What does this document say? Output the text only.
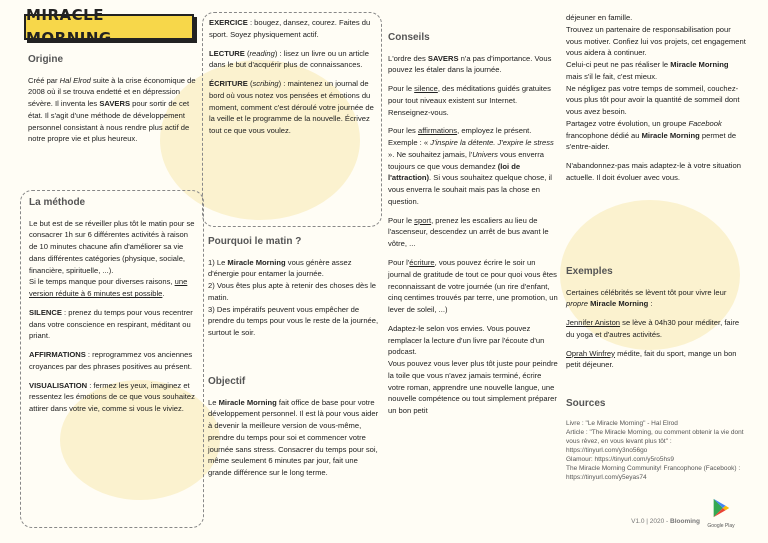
MIRACLE MORNING
Origine

Créé par Hal Elrod suite à la crise économique de 2008 où il se trouva endetté et en dépression sévère. Il inventa les SAVERS pour sortir de cet état. Il s'agit d'une méthode de développement personnel consistant à nous rendre plus actif de notre propre vie et plus heureux.

La méthode

Le but est de se réveiller plus tôt le matin pour se consacrer 1h sur 6 différentes activités à raison de 10 minutes chacune afin d'améliorer sa vie dans différentes catégories (physique, sociale, financière, spirituelle, ...).

Si le temps manque pour diverses raisons, une version réduite à 6 minutes est possible.

SILENCE : prenez du temps pour vous recentrer dans votre conscience en respirant, méditant ou priant.

AFFIRMATIONS : reprogrammez vos anciennes croyances par des phrases positives au présent.

VISUALISATION : fermez les yeux, imaginez et ressentez les émotions de ce que vous souhaitez attirer dans votre vie, comme si vous le viviez.

EXERCICE : bougez, dansez, courez. Faites du sport. Soyez physiquement actif.

LECTURE (reading) : lisez un livre ou un article dans le but d'acquérir plus de connaissances.

ÉCRITURE (scribing) : maintenez un journal de bord où vous notez vos pensées et émotions du moment, comment c'est déroulé votre journée de la veille et le programme de la nouvelle. Écrivez tout ce que vous voulez.

Pourquoi le matin ?
1) Le Miracle Morning vous génère assez d'énergie pour entamer la journée.
2) Vous êtes plus apte à retenir des choses dès le matin.
3) Des impératifs peuvent vous empêcher de prendre du temps pour vous le reste de la journée, surtout le soir.
Objectif

Le Miracle Morning fait office de base pour votre développement personnel. Il est là pour vous aider à devenir la meilleure version de vous-même, prendre du temps pour soi et commencer votre journée sans stress. Consacrer du temps pour soi, même seulement 6 minutes par jour, fait une grande différence sur le long terme.

Conseils

L'ordre des SAVERS n'a pas d'importance. Vous pouvez les étaler dans la journée.

Pour le silence, des méditations guidés gratuites pour tout niveaux existent sur Internet. Renseignez-vous.

Pour les affirmations, employez le présent. Exemple : « J'inspire la détente. J'expire le stress ». Ne souhaitez jamais, l'Univers vous enverra toujours ce que vous demandez (loi de l'attraction). Si vous souhaitez quelque chose, il vous enverra le souhait mais pas la chose en question.

Pour le sport, prenez les escaliers au lieu de l'ascenseur, descendez un arrêt de bus avant le vôtre, ...

Pour l'écriture, vous pouvez écrire le soir un journal de gratitude de tout ce pour quoi vous êtes reconnaissant de votre journée (un rire d'enfant, cinq centimes trouvés par terre, une promotion, un lever de soleil, ...)

Adaptez-le selon vos envies. Vous pouvez remplacer la lecture d'un livre par l'écoute d'un podcast.
Vous pouvez vous lever plus tôt juste pour peindre la toile que vous n'avez jamais terminé, écrire votre roman, apprendre une nouvelle langue, une nouvelle compétence ou tout simplement préparer un bon petit
déjeuner en famille.
Trouvez un partenaire de responsabilisation pour vous motiver. Confiez lui vos projets, cet engagement vous aidera à continuer.
Celui-ci peut ne pas réaliser le Miracle Morning mais s'il le fait, c'est mieux.
Ne négligez pas votre temps de sommeil, couchez-vous plus tôt pour avoir la quantité de sommeil dont vous avez besoin.

Partagez votre évolution, un groupe Facebook francophone dédié au Miracle Morning permet de s'entre-aider.

N'abandonnez-pas mais adaptez-le à votre situation actuelle. Il doit évoluer avec vous.

Exemples

Certaines célébrités se lèvent tôt pour vivre leur propre Miracle Morning :

Jennifer Aniston se lève à 04h30 pour méditer, faire du yoga et d'autres activités.

Oprah Winfrey médite, fait du sport, mange un bon petit déjeuner.

Sources
Livre : "Le Miracle Morning" - Hal Elrod
Article : "The Miracle Morning, ou comment obtenir la vie dont vous rêvez, en vous levant plus tôt" : https://tinyurl.com/y3no56go
Glamour: https://tinyurl.com/y5ro5hs9
The Miracle Morning Community! Francophone (Facebook) : https://tinyurl.com/y5eyas74
V1.0 | 2020 - Blooming
Google Play
